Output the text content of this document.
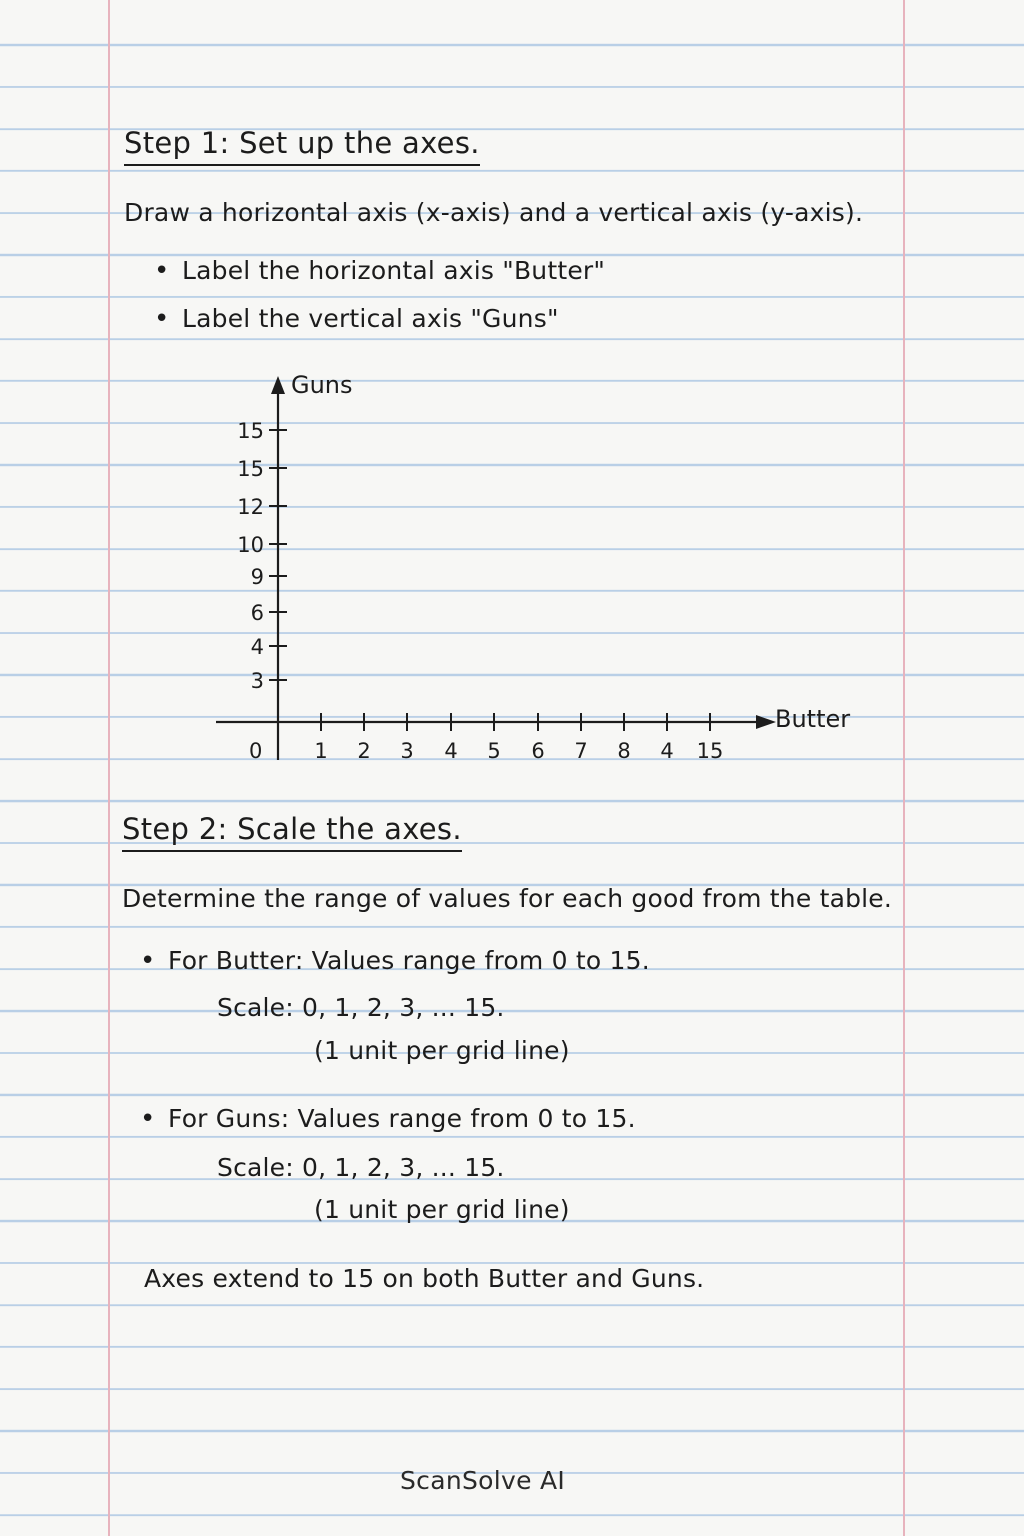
Step 1: Set up the axes.
Draw a horizontal axis (x-axis) and a vertical axis (y-axis).
• Label the horizontal axis "Butter"
• Label the vertical axis "Guns"
Guns
Butter
0
3
4
6
9
10
12
15
15
1 2 3 4 5 6 7 8 4 15
Step 2: Scale the axes.
Determine the range of values for each good from the table.
• For Butter: Values range from 0 to 15.
Scale: 0, 1, 2, 3, ... 15.
(1 unit per grid line)
• For Guns: Values range from 0 to 15.
Scale: 0, 1, 2, 3, ... 15.
(1 unit per grid line)
Axes extend to 15 on both Butter and Guns.
ScanSolve AI
